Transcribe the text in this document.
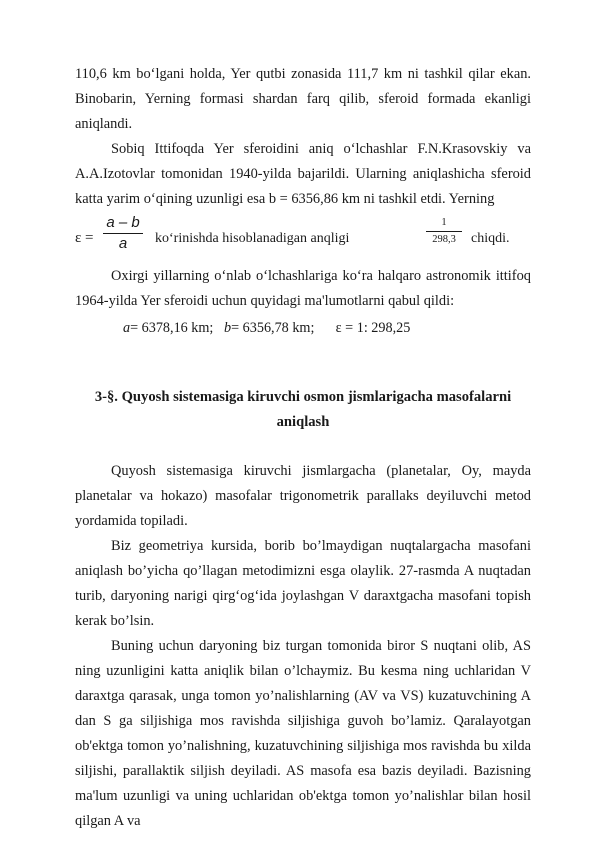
110,6 km bo‘lgani holda, Yer qutbi zonasida 111,7 km ni tashkil qilar ekan. Binobarin, Yerning formasi shardan farq qilib, sferoid formada ekanligi aniqlandi.

Sobiq Ittifoqda Yer sferoidini aniq o‘lchashlar F.N.Krasovskiy va A.A.Izotovlar tomonidan 1940-yilda bajarildi. Ularning aniqlashicha sferoid katta yarim o‘qining uzunligi esa b = 6356,86 km ni tashkil etdi. Yerning

ε =
a – b
a	ko‘rinishda hisoblanadigan anqligi
1
298,3	chiqdi.

Oxirgi yillarning o‘nlab o‘lchashlariga ko‘ra halqaro astronomik ittifoq 1964-yilda Yer sferoidi uchun quyidagi ma'lumotlarni qabul qildi:

a= 6378,16 km; b= 6356,78 km; ε = 1: 298,25
3-§. Quyosh sistemasiga kiruvchi osmon jismlarigacha masofalarni aniqlash

Quyosh sistemasiga kiruvchi jismlargacha (planetalar, Oy, mayda planetalar va hokazo) masofalar trigonometrik parallaks deyiluvchi metod yordamida topiladi.

Biz geometriya kursida, borib bo’lmaydigan nuqtalargacha masofani aniqlash bo’yicha qo’llagan metodimizni esga olaylik. 27-rasmda A nuqtadan turib, daryoning narigi qirg‘og‘ida joylashgan V daraxtgacha masofani topish kerak bo’lsin.

Buning uchun daryoning biz turgan tomonida biror S nuqtani olib, AS ning uzunligini katta aniqlik bilan o’lchaymiz. Bu kesma ning uchlaridan V daraxtga qarasak, unga tomon yo’nalishlarning (AV va VS) kuzatuvchining A dan S ga siljishiga mos ravishda siljishiga guvoh bo’lamiz. Qaralayotgan ob'ektga tomon yo’nalishning, kuzatuvchining siljishiga mos ravishda bu xilda siljishi, parallaktik siljish deyiladi. AS masofa esa bazis deyiladi. Bazisning ma'lum uzunligi va uning uchlaridan ob'ektga tomon yo’nalishlar bilan hosil qilgan A va
